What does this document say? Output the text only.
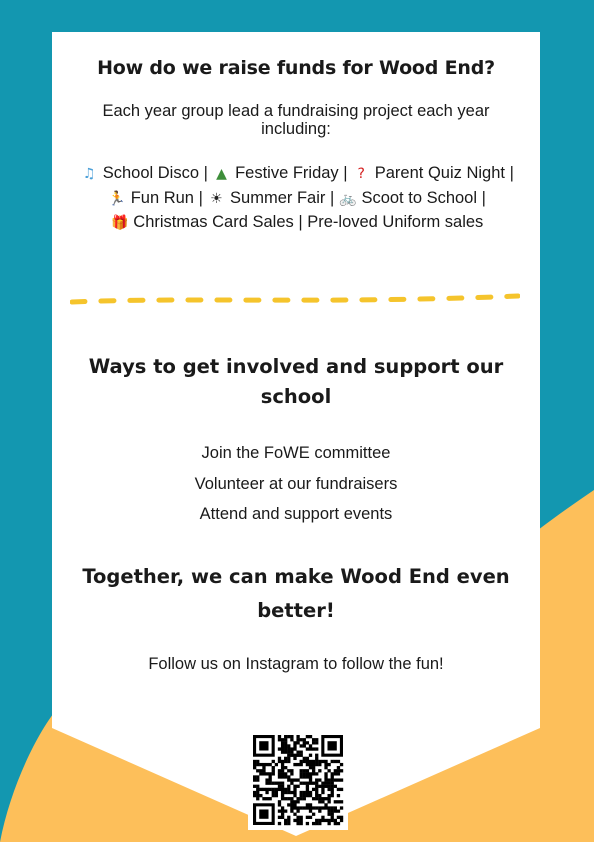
How do we raise funds for Wood End?

Each year group lead a fundraising project each year including:

♫ School Disco | ▲ Festive Friday | ? Parent Quiz Night | 🏃 Fun Run | ☀ Summer Fair | 🚲 Scoot to School | 🎁 Christmas Card Sales | Pre-loved Uniform sales

Ways to get involved and support our school
Join the FoWE committee
Volunteer at our fundraisers
Attend and support events
Together, we can make Wood End even better!

Follow us on Instagram to follow the fun!
